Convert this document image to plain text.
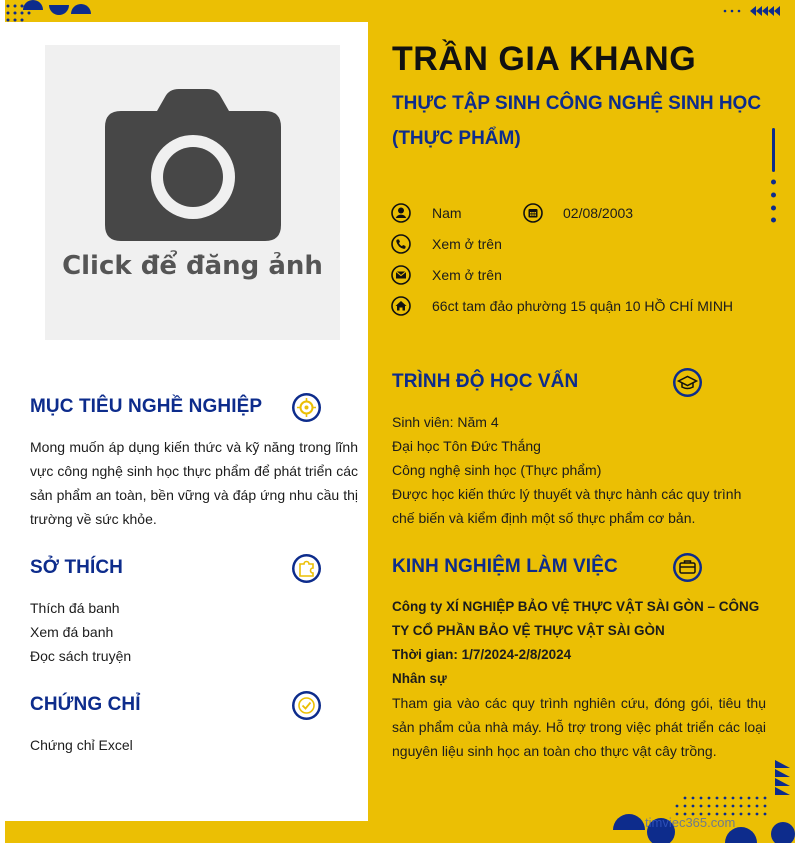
Click để đăng ảnh
MỤC TIÊU NGHỀ NGHIỆP
Mong muốn áp dụng kiến thức và kỹ năng trong lĩnh vực công nghệ sinh học thực phẩm để phát triển các sản phẩm an toàn, bền vững và đáp ứng nhu cầu thị trường về sức khỏe.
SỞ THÍCH
Thích đá banh
Xem đá banh
Đọc sách truyện
CHỨNG CHỈ
Chứng chỉ Excel
TRẦN GIA KHANG
THỰC TẬP SINH CÔNG NGHỆ SINH HỌC (THỰC PHẨM)
Nam	02/08/2003
Xem ở trên
Xem ở trên
66ct tam đảo phường 15 quận 10 HỒ CHÍ MINH
TRÌNH ĐỘ HỌC VẤN
Sinh viên: Năm 4
Đại học Tôn Đức Thắng
Công nghệ sinh học (Thực phẩm)
Được học kiến thức lý thuyết và thực hành các quy trình chế biến và kiểm định một số thực phẩm cơ bản.
KINH NGHIỆM LÀM VIỆC
Công ty XÍ NGHIỆP BẢO VỆ THỰC VẬT SÀI GÒN – CÔNG TY CỔ PHẦN BẢO VỆ THỰC VẬT SÀI GÒN
Thời gian: 1/7/2024-2/8/2024
Nhân sự
Tham gia vào các quy trình nghiên cứu, đóng gói, tiêu thụ sản phẩm của nhà máy. Hỗ trợ trong việc phát triển các loại nguyên liệu sinh học an toàn cho thực vật cây trồng.
timviec365.com
